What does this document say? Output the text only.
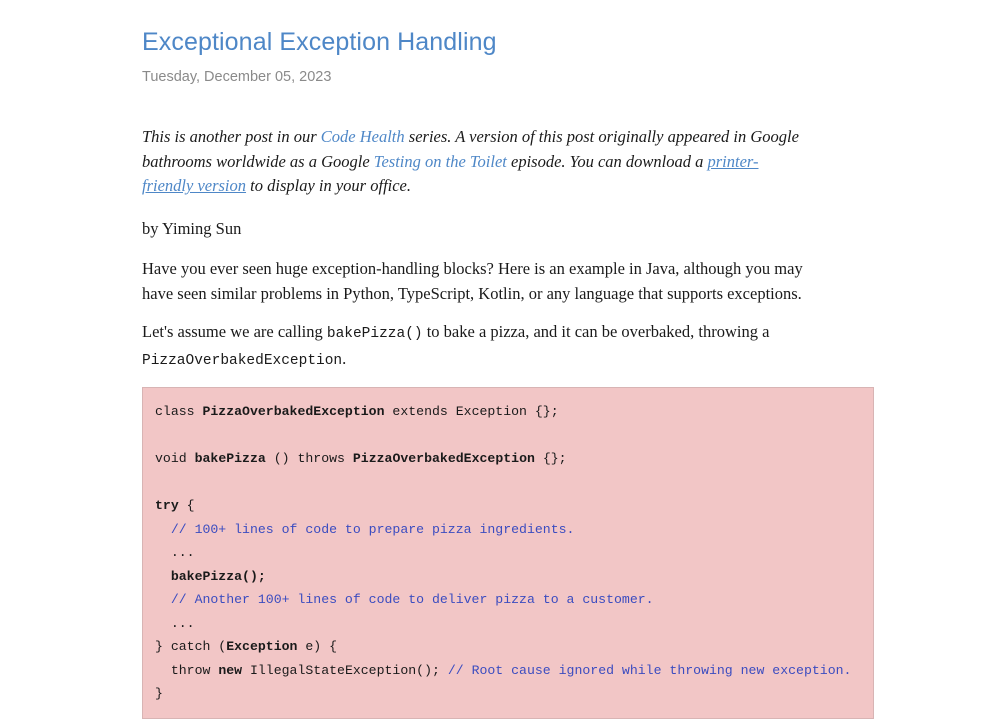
Exceptional Exception Handling
Tuesday, December 05, 2023

This is another post in our Code Health series. A version of this post originally appeared in Google bathrooms worldwide as a Google Testing on the Toilet episode. You can download a printer-friendly version to display in your office.

by Yiming Sun

Have you ever seen huge exception-handling blocks? Here is an example in Java, although you may have seen similar problems in Python, TypeScript, Kotlin, or any language that supports exceptions.

Let's assume we are calling bakePizza() to bake a pizza, and it can be overbaked, throwing a PizzaOverbakedException.

class PizzaOverbakedException extends Exception {};

void bakePizza () throws PizzaOverbakedException {};

try {
// 100+ lines of code to prepare pizza ingredients.
...
bakePizza();
// Another 100+ lines of code to deliver pizza to a customer.
...
} catch (Exception e) {
throw new IllegalStateException(); // Root cause ignored while throwing new exception.
}
